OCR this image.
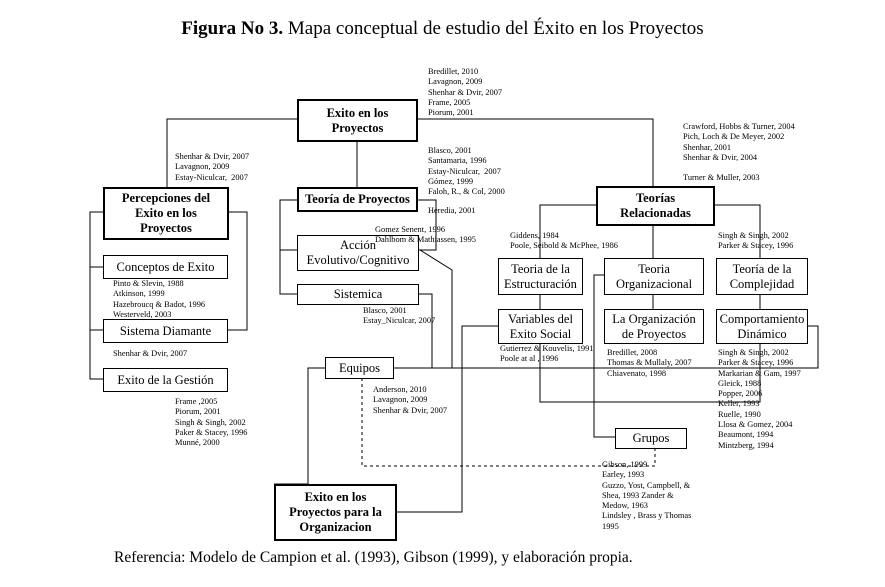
Figura No 3. Mapa conceptual de estudio del Éxito en los Proyectos
Exito en los
Proyectos
Percepciones del
Exito en los
Proyectos
Conceptos de Exito
Sistema Diamante
Exito de la Gestión
Teoría de Proyectos
Acción
Evolutivo/Cognitivo
Sistemica
Equipos
Exito en los
Proyectos para la
Organizacion
Teorías
Relacionadas
Teoria de la
Estructuración
Teoria
Organizacional
Teoría de la
Complejidad
Variables del
Exito Social
La Organización
de Proyectos
Comportamiento
Dinámico
Grupos
Bredillet, 2010
Lavagnon, 2009
Shenhar & Dvir, 2007
Frame, 2005
Piorum, 2001
Crawford, Hobbs & Turner, 2004
Pich, Loch & De Meyer, 2002
Shenhar, 2001
Shenhar & Dvir, 2004

Turner & Muller, 2003
Shenhar & Dvir, 2007
Lavagnon, 2009
Estay-Niculcar,  2007
Blasco, 2001
Santamaria, 1996
Estay-Niculcar,  2007
Gómez, 1999
Faloh, R., & Col, 2000
Heredia, 2001
Gomez Senent, 1996
Dahlbom & Mathiassen, 1995	Giddens, 1984
Poole, Seibold & McPhee, 1986
Singh & Singh, 2002
Parker & Stacey, 1996
Pinto & Slevin, 1988
Atkinson, 1999
Hazebroucq & Badot, 1996
Westerveld, 2003	Blasco, 2001
Estay_Niculcar, 2007
Gutierrez & Kouvelis, 1991
Poole at al , 1996
Shenhar & Dvir, 2007	Bredillet, 2008
Thomas & Mullaly, 2007
Chiavenato, 1998
Singh & Singh, 2002
Parker & Stacey, 1996
Markarian & Gam, 1997
Gleick, 1988
Popper, 2006
Keller, 1993
Ruelle, 1990
Llosa & Gomez, 2004
Beaumont, 1994
Mintzberg, 1994
Anderson, 2010
Lavagnon, 2009
Shenhar & Dvir, 2007
Frame ,2005
Piorum, 2001
Singh & Singh, 2002
Paker & Stacey, 1996
Munné, 2000
Gibson, 1999
Earley, 1993
Guzzo, Yost, Campbell, &
Shea, 1993 Zander &
Medow, 1963
Lindsley , Brass y Thomas
1995
Referencia: Modelo de Campion et al. (1993), Gibson (1999), y elaboración propia.
